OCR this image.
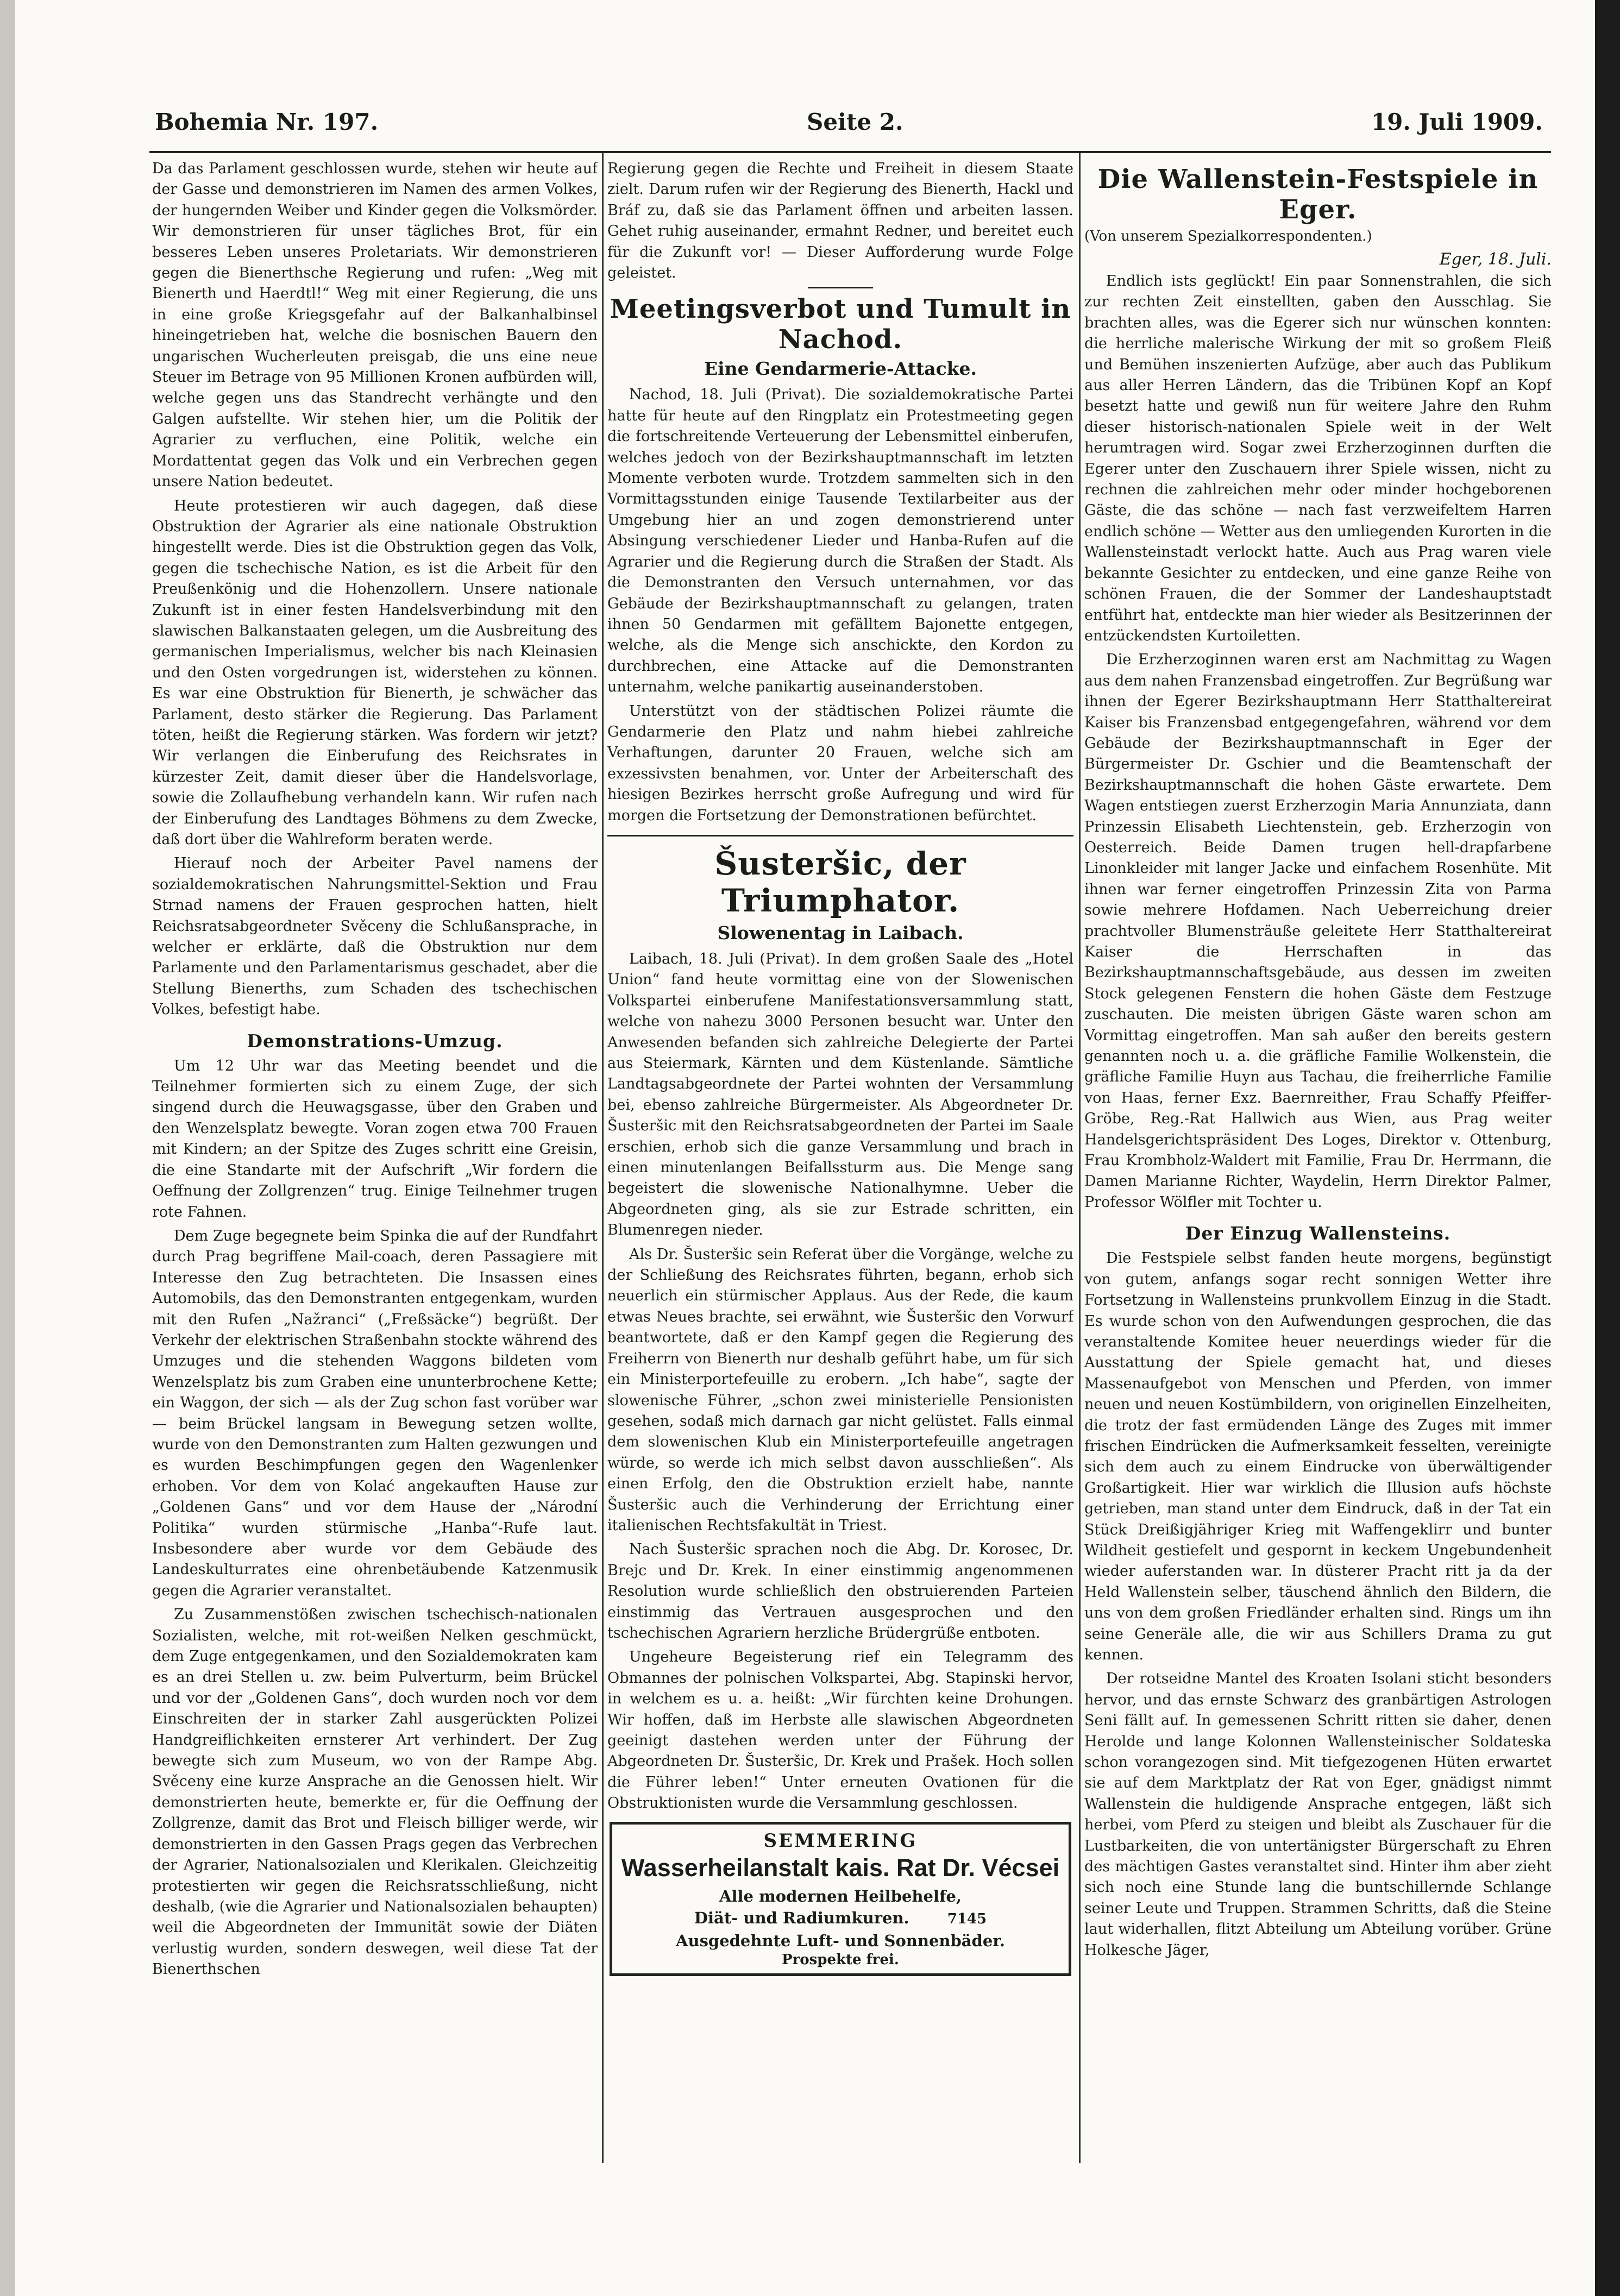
Bohemia Nr. 197.	Seite 2.	19. Juli 1909.

Da das Parlament geschlossen wurde, stehen wir heute auf der Gasse und demonstrieren im Namen des armen Volkes, der hungernden Weiber und Kinder gegen die Volksmörder. Wir demonstrieren für unser tägliches Brot, für ein besseres Leben unseres Proletariats. Wir demonstrieren gegen die Bienerthsche Regierung und rufen: „Weg mit Bienerth und Haerdtl!“ Weg mit einer Regierung, die uns in eine große Kriegsgefahr auf der Balkanhalbinsel hineingetrieben hat, welche die bosnischen Bauern den ungarischen Wucherleuten preisgab, die uns eine neue Steuer im Betrage von 95 Millionen Kronen aufbürden will, welche gegen uns das Standrecht verhängte und den Galgen aufstellte. Wir stehen hier, um die Politik der Agrarier zu verfluchen, eine Politik, welche ein Mordattentat gegen das Volk und ein Verbrechen gegen unsere Nation bedeutet.

Heute protestieren wir auch dagegen, daß diese Obstruktion der Agrarier als eine nationale Obstruktion hingestellt werde. Dies ist die Obstruktion gegen das Volk, gegen die tschechische Nation, es ist die Arbeit für den Preußenkönig und die Hohenzollern. Unsere nationale Zukunft ist in einer festen Handelsverbindung mit den slawischen Balkanstaaten gelegen, um die Ausbreitung des germanischen Imperialismus, welcher bis nach Kleinasien und den Osten vorgedrungen ist, widerstehen zu können. Es war eine Obstruktion für Bienerth, je schwächer das Parlament, desto stärker die Regierung. Das Parlament töten, heißt die Regierung stärken. Was fordern wir jetzt? Wir verlangen die Einberufung des Reichsrates in kürzester Zeit, damit dieser über die Handelsvorlage, sowie die Zollaufhebung verhandeln kann. Wir rufen nach der Einberufung des Landtages Böhmens zu dem Zwecke, daß dort über die Wahlreform beraten werde.

Hierauf noch der Arbeiter Pavel namens der sozialdemokratischen Nahrungsmittel-Sektion und Frau Strnad namens der Frauen gesprochen hatten, hielt Reichsratsabgeordneter Svěceny die Schlußansprache, in welcher er erklärte, daß die Obstruktion nur dem Parlamente und den Parlamentarismus geschadet, aber die Stellung Bienerths, zum Schaden des tschechischen Volkes, befestigt habe.

Demonstrations-Umzug.

Um 12 Uhr war das Meeting beendet und die Teilnehmer formierten sich zu einem Zuge, der sich singend durch die Heuwagsgasse, über den Graben und den Wenzelsplatz bewegte. Voran zogen etwa 700 Frauen mit Kindern; an der Spitze des Zuges schritt eine Greisin, die eine Standarte mit der Aufschrift „Wir fordern die Oeffnung der Zollgrenzen“ trug. Einige Teilnehmer trugen rote Fahnen.

Dem Zuge begegnete beim Spinka die auf der Rundfahrt durch Prag begriffene Mail-coach, deren Passagiere mit Interesse den Zug betrachteten. Die Insassen eines Automobils, das den Demonstranten entgegenkam, wurden mit den Rufen „Nažranci“ („Freßsäcke“) begrüßt. Der Verkehr der elektrischen Straßenbahn stockte während des Umzuges und die stehenden Waggons bildeten vom Wenzelsplatz bis zum Graben eine ununterbrochene Kette; ein Waggon, der sich — als der Zug schon fast vorüber war — beim Brückel langsam in Bewegung setzen wollte, wurde von den Demonstranten zum Halten gezwungen und es wurden Beschimpfungen gegen den Wagenlenker erhoben. Vor dem von Kolać angekauften Hause zur „Goldenen Gans“ und vor dem Hause der „Národní Politika“ wurden stürmische „Hanba“-Rufe laut. Insbesondere aber wurde vor dem Gebäude des Landeskulturrates eine ohrenbetäubende Katzenmusik gegen die Agrarier veranstaltet.

Zu Zusammenstößen zwischen tschechisch-nationalen Sozialisten, welche, mit rot-weißen Nelken geschmückt, dem Zuge entgegenkamen, und den Sozialdemokraten kam es an drei Stellen u. zw. beim Pulverturm, beim Brückel und vor der „Goldenen Gans“, doch wurden noch vor dem Einschreiten der in starker Zahl ausgerückten Polizei Handgreiflichkeiten ernsterer Art verhindert. Der Zug bewegte sich zum Museum, wo von der Rampe Abg. Svěceny eine kurze Ansprache an die Genossen hielt. Wir demonstrierten heute, bemerkte er, für die Oeffnung der Zollgrenze, damit das Brot und Fleisch billiger werde, wir demonstrierten in den Gassen Prags gegen das Verbrechen der Agrarier, Nationalsozialen und Klerikalen. Gleichzeitig protestierten wir gegen die Reichsratsschließung, nicht deshalb, (wie die Agrarier und Nationalsozialen behaupten) weil die Abgeordneten der Immunität sowie der Diäten verlustig wurden, sondern deswegen, weil diese Tat der Bienerthschen

Regierung gegen die Rechte und Freiheit in diesem Staate zielt. Darum rufen wir der Regierung des Bienerth, Hackl und Bráf zu, daß sie das Parlament öffnen und arbeiten lassen. Gehet ruhig auseinander, ermahnt Redner, und bereitet euch für die Zukunft vor! — Dieser Aufforderung wurde Folge geleistet.

Meetingsverbot und Tumult in Nachod.
Eine Gendarmerie-Attacke.

Nachod, 18. Juli (Privat). Die sozialdemokratische Partei hatte für heute auf den Ringplatz ein Protestmeeting gegen die fortschreitende Verteuerung der Lebensmittel einberufen, welches jedoch von der Bezirkshauptmannschaft im letzten Momente verboten wurde. Trotzdem sammelten sich in den Vormittagsstunden einige Tausende Textilarbeiter aus der Umgebung hier an und zogen demonstrierend unter Absingung verschiedener Lieder und Hanba-Rufen auf die Agrarier und die Regierung durch die Straßen der Stadt. Als die Demonstranten den Versuch unternahmen, vor das Gebäude der Bezirkshauptmannschaft zu gelangen, traten ihnen 50 Gendarmen mit gefälltem Bajonette entgegen, welche, als die Menge sich anschickte, den Kordon zu durchbrechen, eine Attacke auf die Demonstranten unternahm, welche panikartig auseinanderstoben.

Unterstützt von der städtischen Polizei räumte die Gendarmerie den Platz und nahm hiebei zahlreiche Verhaftungen, darunter 20 Frauen, welche sich am exzessivsten benahmen, vor. Unter der Arbeiterschaft des hiesigen Bezirkes herrscht große Aufregung und wird für morgen die Fortsetzung der Demonstrationen befürchtet.

Šusteršic, der Triumphator.
Slowenentag in Laibach.

Laibach, 18. Juli (Privat). In dem großen Saale des „Hotel Union“ fand heute vormittag eine von der Slowenischen Volkspartei einberufene Manifestationsversammlung statt, welche von nahezu 3000 Personen besucht war. Unter den Anwesenden befanden sich zahlreiche Delegierte der Partei aus Steiermark, Kärnten und dem Küstenlande. Sämtliche Landtagsabgeordnete der Partei wohnten der Versammlung bei, ebenso zahlreiche Bürgermeister. Als Abgeordneter Dr. Šusteršic mit den Reichsratsabgeordneten der Partei im Saale erschien, erhob sich die ganze Versammlung und brach in einen minutenlangen Beifallssturm aus. Die Menge sang begeistert die slowenische Nationalhymne. Ueber die Abgeordneten ging, als sie zur Estrade schritten, ein Blumenregen nieder.

Als Dr. Šusteršic sein Referat über die Vorgänge, welche zu der Schließung des Reichsrates führten, begann, erhob sich neuerlich ein stürmischer Applaus. Aus der Rede, die kaum etwas Neues brachte, sei erwähnt, wie Šusteršic den Vorwurf beantwortete, daß er den Kampf gegen die Regierung des Freiherrn von Bienerth nur deshalb geführt habe, um für sich ein Ministerportefeuille zu erobern. „Ich habe“, sagte der slowenische Führer, „schon zwei ministerielle Pensionisten gesehen, sodaß mich darnach gar nicht gelüstet. Falls einmal dem slowenischen Klub ein Ministerportefeuille angetragen würde, so werde ich mich selbst davon ausschließen“. Als einen Erfolg, den die Obstruktion erzielt habe, nannte Šusteršic auch die Verhinderung der Errichtung einer italienischen Rechtsfakultät in Triest.

Nach Šusteršic sprachen noch die Abg. Dr. Korosec, Dr. Brejc und Dr. Krek. In einer einstimmig angenommenen Resolution wurde schließlich den obstruierenden Parteien einstimmig das Vertrauen ausgesprochen und den tschechischen Agrariern herzliche Brüdergrüße entboten.

Ungeheure Begeisterung rief ein Telegramm des Obmannes der polnischen Volkspartei, Abg. Stapinski hervor, in welchem es u. a. heißt: „Wir fürchten keine Drohungen. Wir hoffen, daß im Herbste alle slawischen Abgeordneten geeinigt dastehen werden unter der Führung der Abgeordneten Dr. Šusteršic, Dr. Krek und Prašek. Hoch sollen die Führer leben!“ Unter erneuten Ovationen für die Obstruktionisten wurde die Versammlung geschlossen.

SEMMERING
Wasserheilanstalt kais. Rat Dr. Vécsei
Alle modernen Heilbehelfe,
Diät- und Radiumkuren.	7145
Ausgedehnte Luft- und Sonnenbäder.
Prospekte frei.
Die Wallenstein-Festspiele in Eger.
(Von unserem Spezialkorrespondenten.)
Eger, 18. Juli.

Endlich ists geglückt! Ein paar Sonnenstrahlen, die sich zur rechten Zeit einstellten, gaben den Ausschlag. Sie brachten alles, was die Egerer sich nur wünschen konnten: die herrliche malerische Wirkung der mit so großem Fleiß und Bemühen inszenierten Aufzüge, aber auch das Publikum aus aller Herren Ländern, das die Tribünen Kopf an Kopf besetzt hatte und gewiß nun für weitere Jahre den Ruhm dieser historisch-nationalen Spiele weit in der Welt herumtragen wird. Sogar zwei Erzherzoginnen durften die Egerer unter den Zuschauern ihrer Spiele wissen, nicht zu rechnen die zahlreichen mehr oder minder hochgeborenen Gäste, die das schöne — nach fast verzweifeltem Harren endlich schöne — Wetter aus den umliegenden Kurorten in die Wallensteinstadt verlockt hatte. Auch aus Prag waren viele bekannte Gesichter zu entdecken, und eine ganze Reihe von schönen Frauen, die der Sommer der Landeshauptstadt entführt hat, entdeckte man hier wieder als Besitzerinnen der entzückendsten Kurtoiletten.

Die Erzherzoginnen waren erst am Nachmittag zu Wagen aus dem nahen Franzensbad eingetroffen. Zur Begrüßung war ihnen der Egerer Bezirkshauptmann Herr Statthaltereirat Kaiser bis Franzensbad entgegengefahren, während vor dem Gebäude der Bezirkshauptmannschaft in Eger der Bürgermeister Dr. Gschier und die Beamtenschaft der Bezirkshauptmannschaft die hohen Gäste erwartete. Dem Wagen entstiegen zuerst Erzherzogin Maria Annunziata, dann Prinzessin Elisabeth Liechtenstein, geb. Erzherzogin von Oesterreich. Beide Damen trugen hell-drapfarbene Linonkleider mit langer Jacke und einfachem Rosenhüte. Mit ihnen war ferner eingetroffen Prinzessin Zita von Parma sowie mehrere Hofdamen. Nach Ueberreichung dreier prachtvoller Blumensträuße geleitete Herr Statthaltereirat Kaiser die Herrschaften in das Bezirkshauptmannschaftsgebäude, aus dessen im zweiten Stock gelegenen Fenstern die hohen Gäste dem Festzuge zuschauten. Die meisten übrigen Gäste waren schon am Vormittag eingetroffen. Man sah außer den bereits gestern genannten noch u. a. die gräfliche Familie Wolkenstein, die gräfliche Familie Huyn aus Tachau, die freiherrliche Familie von Haas, ferner Exz. Baernreither, Frau Schaffy Pfeiffer-Gröbe, Reg.-Rat Hallwich aus Wien, aus Prag weiter Handelsgerichtspräsident Des Loges, Direktor v. Ottenburg, Frau Krombholz-Waldert mit Familie, Frau Dr. Herrmann, die Damen Marianne Richter, Waydelin, Herrn Direktor Palmer, Professor Wölfler mit Tochter u.

Der Einzug Wallensteins.

Die Festspiele selbst fanden heute morgens, begünstigt von gutem, anfangs sogar recht sonnigen Wetter ihre Fortsetzung in Wallensteins prunkvollem Einzug in die Stadt. Es wurde schon von den Aufwendungen gesprochen, die das veranstaltende Komitee heuer neuerdings wieder für die Ausstattung der Spiele gemacht hat, und dieses Massenaufgebot von Menschen und Pferden, von immer neuen und neuen Kostümbildern, von originellen Einzelheiten, die trotz der fast ermüdenden Länge des Zuges mit immer frischen Eindrücken die Aufmerksamkeit fesselten, vereinigte sich dem auch zu einem Eindrucke von überwältigender Großartigkeit. Hier war wirklich die Illusion aufs höchste getrieben, man stand unter dem Eindruck, daß in der Tat ein Stück Dreißigjähriger Krieg mit Waffengeklirr und bunter Wildheit gestiefelt und gespornt in keckem Ungebundenheit wieder auferstanden war. In düsterer Pracht ritt ja da der Held Wallenstein selber, täuschend ähnlich den Bildern, die uns von dem großen Friedländer erhalten sind. Rings um ihn seine Generäle alle, die wir aus Schillers Drama zu gut kennen.

Der rotseidne Mantel des Kroaten Isolani sticht besonders hervor, und das ernste Schwarz des granbärtigen Astrologen Seni fällt auf. In gemessenen Schritt ritten sie daher, denen Herolde und lange Kolonnen Wallensteinischer Soldateska schon vorangezogen sind. Mit tiefgezogenen Hüten erwartet sie auf dem Marktplatz der Rat von Eger, gnädigst nimmt Wallenstein die huldigende Ansprache entgegen, läßt sich herbei, vom Pferd zu steigen und bleibt als Zuschauer für die Lustbarkeiten, die von untertänigster Bürgerschaft zu Ehren des mächtigen Gastes veranstaltet sind. Hinter ihm aber zieht sich noch eine Stunde lang die buntschillernde Schlange seiner Leute und Truppen. Strammen Schritts, daß die Steine laut widerhallen, flitzt Abteilung um Abteilung vorüber. Grüne Holkesche Jäger,
